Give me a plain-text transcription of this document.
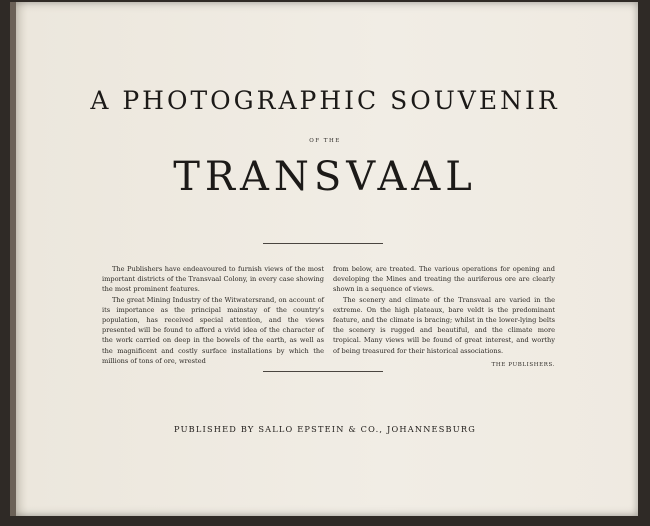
A PHOTOGRAPHIC SOUVENIR
OF THE
TRANSVAAL

The Publishers have endeavoured to furnish views of the most important districts of the Transvaal Colony, in every case showing the most prominent features.

The great Mining Industry of the Witwatersrand, on account of its importance as the principal mainstay of the country's population, has received special attention, and the views presented will be found to afford a vivid idea of the character of the work carried on deep in the bowels of the earth, as well as the magnificent and costly surface installations by which the millions of tons of ore, wrested

from below, are treated. The various operations for opening and developing the Mines and treating the auriferous ore are clearly shown in a sequence of views.

The scenery and climate of the Transvaal are varied in the extreme. On the high plateaux, bare veldt is the predominant feature, and the climate is bracing; whilst in the lower-lying belts the scenery is rugged and beautiful, and the climate more tropical. Many views will be found of great interest, and worthy of being treasured for their historical associations.

THE PUBLISHERS.
PUBLISHED BY SALLO EPSTEIN & CO., JOHANNESBURG
